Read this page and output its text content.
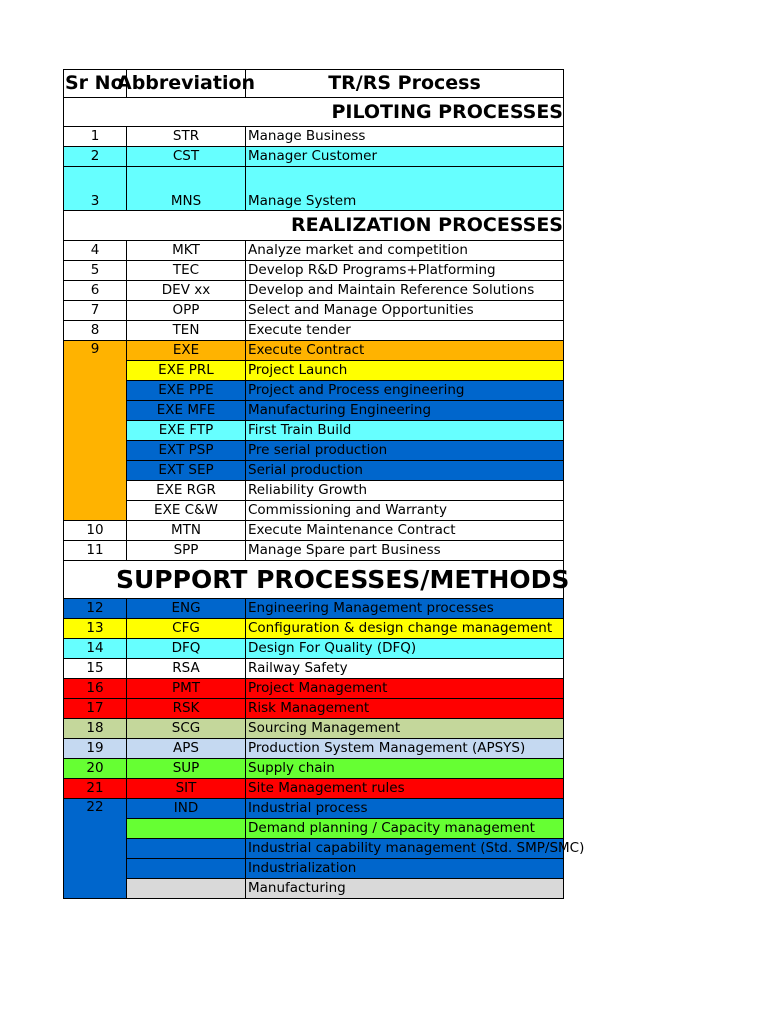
Sr No	Abbreviation	TR/RS Process
PILOTING PROCESSES		
1	STR	Manage Business
2	CST	Manager Customer
3	MNS	Manage System
REALIZATION PROCESSES		
4	MKT	Analyze market and competition
5	TEC	Develop R&D Programs+Platforming
6	DEV xx	Develop and Maintain Reference Solutions
7	OPP	Select and Manage Opportunities
8	TEN	Execute tender
9	EXE	Execute Contract
	EXE PRL	Project Launch
	EXE PPE	Project and Process engineering
	EXE MFE	Manufacturing Engineering
	EXE FTP	First Train Build
	EXT PSP	Pre serial production
	EXT SEP	Serial production
	EXE RGR	Reliability Growth
	EXE C&W	Commissioning and Warranty
10	MTN	Execute Maintenance Contract
11	SPP	Manage Spare part Business
SUPPORT PROCESSES/METHODS		
12	ENG	Engineering Management processes
13	CFG	Configuration & design change management
14	DFQ	Design For Quality (DFQ)
15	RSA	Railway Safety
16	PMT	Project Management
17	RSK	Risk Management
18	SCG	Sourcing Management
19	APS	Production System Management (APSYS)
20	SUP	Supply chain
21	SIT	Site Management rules
22	IND	Industrial process
		Demand planning / Capacity management
		Industrial capability management (Std. SMP/SMC)
		Industrialization
		Manufacturing
